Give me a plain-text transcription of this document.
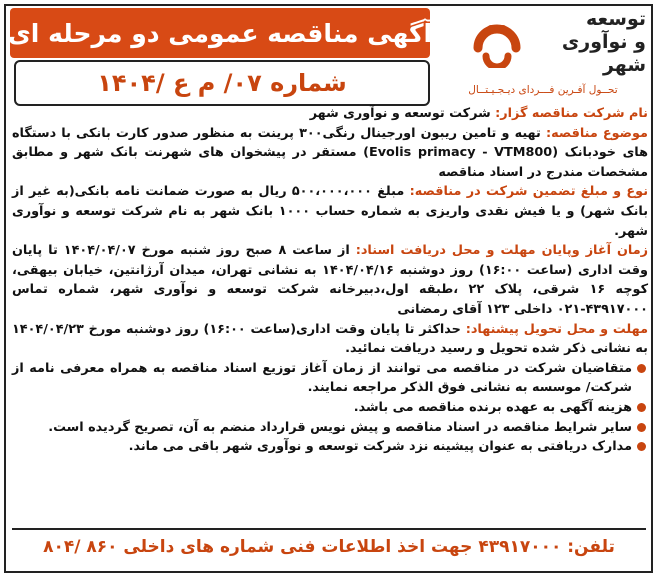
آگهی مناقصه عمومی دو مرحله ای
شماره ۰۷/ م ع /۱۴۰۴
توسعه
و نوآوری
شهر
تحــول آفـرین فـــردای دیـجـیـتــال

نام شرکت مناقصه گزار: شرکت توسعه و نوآوری شهر

موضوع مناقصه: تهیه و تامین ریبون اورجینال رنگی۳۰۰ پرینت به منظور صدور کارت بانکی با دستگاه های خودبانک (Evolis primacy - VTM800) مستقر در پیشخوان های شهرنت بانک شهر و مطابق مشخصات مندرج در اسناد مناقصه

نوع و مبلغ تضمین شرکت در مناقصه: مبلغ ۵۰۰،۰۰۰،۰۰۰ ریال به صورت ضمانت نامه بانکی(به غیر از بانک شهر) و یا فیش نقدی واریزی به شماره حساب ۱۰۰۰ بانک شهر به نام شرکت توسعه و نوآوری شهر.

زمان آغاز وپایان مهلت و محل دریافت اسناد: از ساعت ۸ صبح روز شنبه مورخ ۱۴۰۴/۰۴/۰۷ تا پایان وقت اداری (ساعت ۱۶:۰۰) روز دوشنبه ۱۴۰۴/۰۴/۱۶ به نشانی تهران، میدان آرژانتین، خیابان بیهقی، کوچه ۱۶ شرقی، پلاک ۲۲ ،طبقه اول،دبیرخانه شرکت توسعه و نوآوری شهر، شماره تماس ۴۳۹۱۷۰۰۰-۰۲۱ داخلی ۱۲۳ آقای رمضانی

مهلت و محل تحویل پیشنهاد: حداکثر تا پایان وقت اداری(ساعت ۱۶:۰۰) روز دوشنبه مورخ ۱۴۰۴/۰۴/۲۳ به نشانی ذکر شده تحویل و رسید دریافت نمائید.

متقاضیان شرکت در مناقصه می توانند از زمان آغاز توزیع اسناد مناقصه به همراه معرفی نامه از شرکت/ موسسه به نشانی فوق الذکر مراجعه نمایند.

هزینه آگهی به عهده برنده مناقصه می باشد.

سایر شرایط مناقصه در اسناد مناقصه و پیش نویس قرارداد منضم به آن، تصریح گردیده است.

مدارک دریافتی به عنوان پیشینه نزد شرکت توسعه و نوآوری شهر باقی می ماند.

تلفن: ۴۳۹۱۷۰۰۰ جهت اخذ اطلاعات فنی شماره های داخلی ۸۶۰ /۸۰۴
